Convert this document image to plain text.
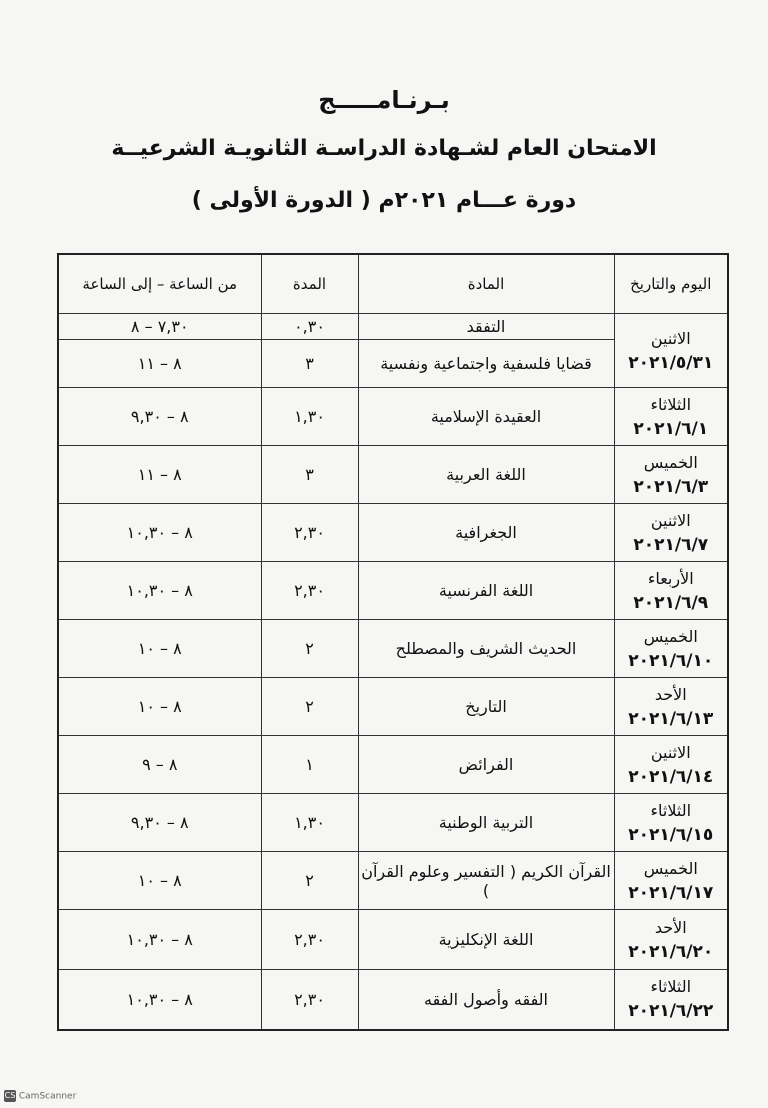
بـرنـامـــــج
الامتحان العام لشـهادة الدراسـة الثانويـة الشرعيــة
دورة عـــام ٢٠٢١م ( الدورة الأولى )
اليوم والتاريخ	المادة	المدة	من الساعة – إلى الساعة

الاثنين
٢٠٢١/٥/٣١	التفقد	٠,٣٠	٧,٣٠ – ٨
	قضايا فلسفية واجتماعية ونفسية	٣	٨ – ١١

الثلاثاء
٢٠٢١/٦/١	العقيدة الإسلامية	١,٣٠	٨ – ٩,٣٠

الخميس
٢٠٢١/٦/٣	اللغة العربية	٣	٨ – ١١

الاثنين
٢٠٢١/٦/٧	الجغرافية	٢,٣٠	٨ – ١٠,٣٠

الأربعاء
٢٠٢١/٦/٩	اللغة الفرنسية	٢,٣٠	٨ – ١٠,٣٠

الخميس
٢٠٢١/٦/١٠	الحديث الشريف والمصطلح	٢	٨ – ١٠

الأحد
٢٠٢١/٦/١٣	التاريخ	٢	٨ – ١٠

الاثنين
٢٠٢١/٦/١٤	الفرائض	١	٨ – ٩

الثلاثاء
٢٠٢١/٦/١٥	التربية الوطنية	١,٣٠	٨ – ٩,٣٠

الخميس
٢٠٢١/٦/١٧	القرآن الكريم ( التفسير وعلوم القرآن )	٢	٨ – ١٠

الأحد
٢٠٢١/٦/٢٠	اللغة الإنكليزية	٢,٣٠	٨ – ١٠,٣٠

الثلاثاء
٢٠٢١/٦/٢٢	الفقه وأصول الفقه	٢,٣٠	٨ – ١٠,٣٠
CS CamScanner
